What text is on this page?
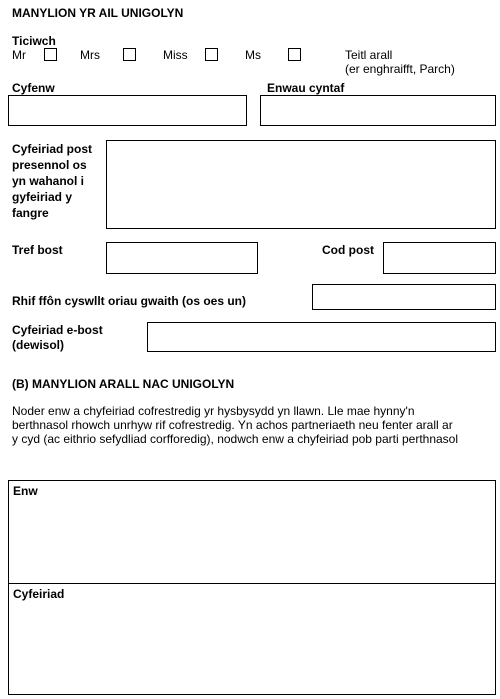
MANYLION YR AIL UNIGOLYN
Ticiwch
Mr	Mrs	Miss	Ms	Teitl arall
(er enghraifft, Parch)
Cyfenw	Enwau cyntaf
Cyfeiriad post
presennol os
yn wahanol i
gyfeiriad y
fangre
Tref bost	Cod post
Rhif ffôn cyswllt oriau gwaith (os oes un)
Cyfeiriad e-bost
(dewisol)
(B) MANYLION ARALL NAC UNIGOLYN
Noder enw a chyfeiriad cofrestredig yr hysbysydd yn llawn. Lle mae hynny'n
berthnasol rhowch unrhyw rif cofrestredig. Yn achos partneriaeth neu fenter arall ar
y cyd (ac eithrio sefydliad corfforedig), nodwch enw a chyfeiriad pob parti perthnasol
Enw
Cyfeiriad
